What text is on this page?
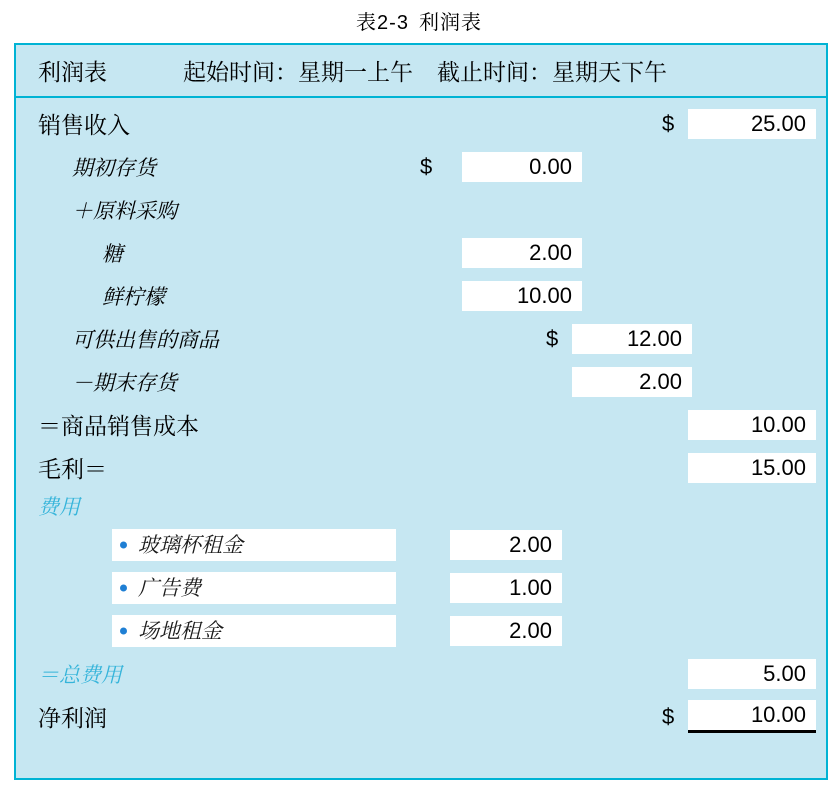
表2-3 利润表
利润表	起始时间：星期一上午 截止时间：星期天下午
销售收入	$	25.00
期初存货	$	0.00
＋原料采购
糖	2.00
鲜柠檬	10.00
可供出售的商品	$	12.00
－期末存货	2.00
＝商品销售成本	10.00
毛利＝	15.00
费用
玻璃杯租金	2.00
广告费	1.00
场地租金	2.00
＝总费用	5.00
净利润	$	10.00
